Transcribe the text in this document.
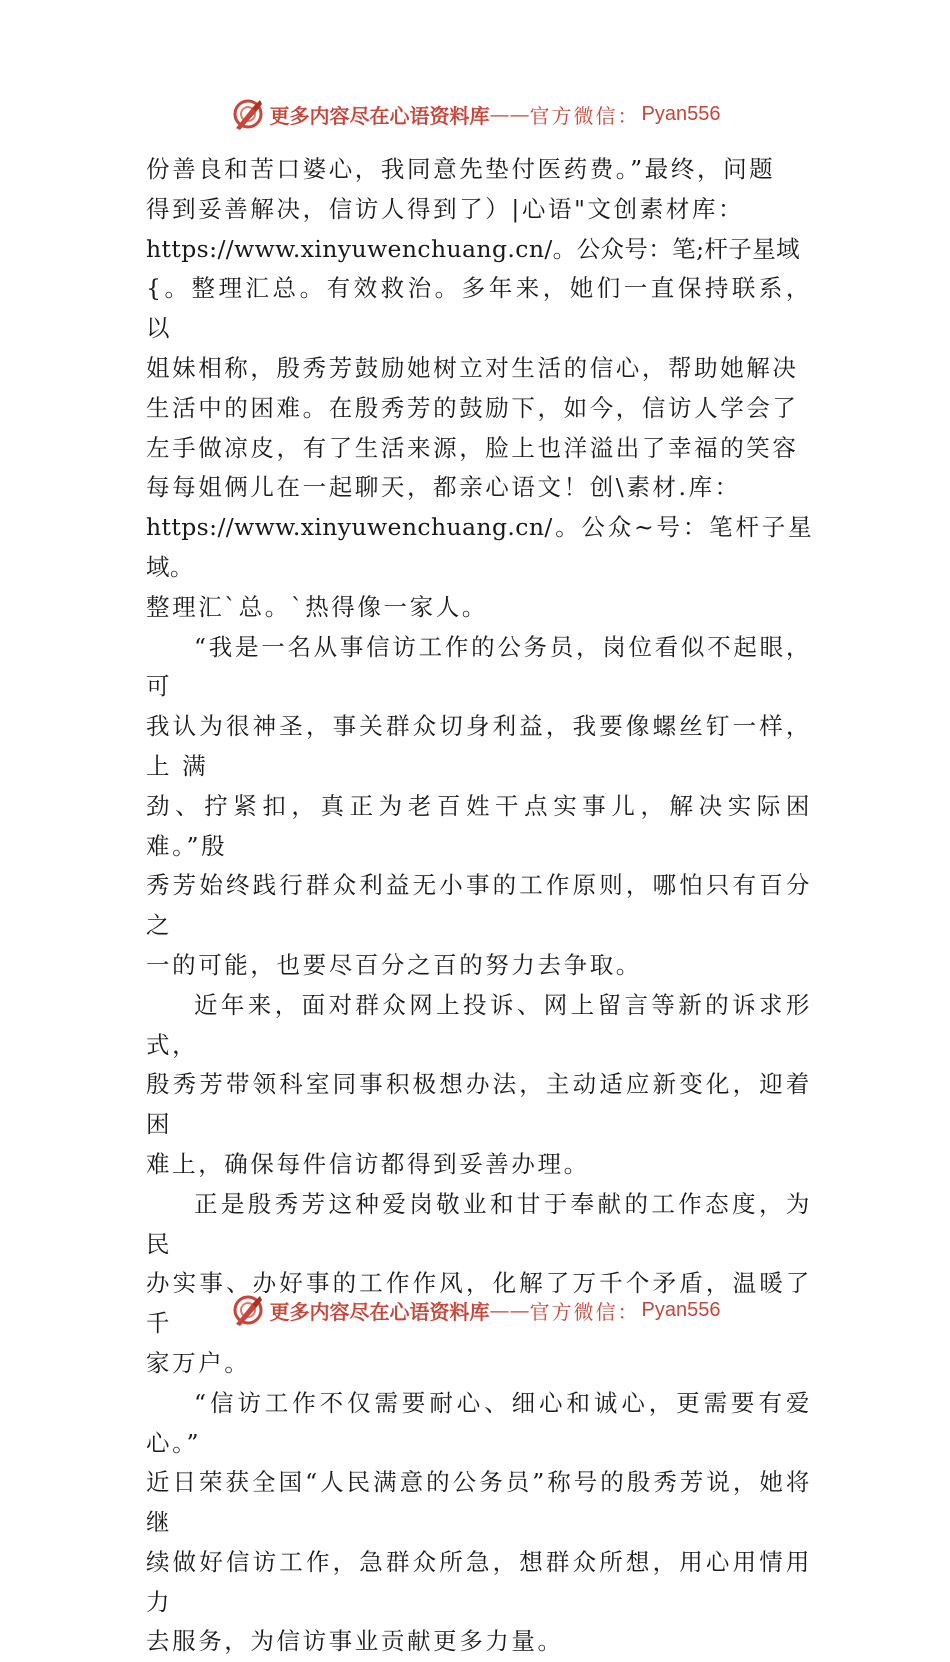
更多内容尽在心语资料库 —— 官方微信： Pyan556

份善良和苦口婆心，我同意先垫付医药费。”最终，问题
得到妥善解决，信访人得到了）|心语"文创素材库：
https://www.xinyuwenchuang.cn/。公众号：笔;杆子星域
{。整理汇总。有效救治。多年来，她们一直保持联系，以
姐妹相称，殷秀芳鼓励她树立对生活的信心，帮助她解决
生活中的困难。在殷秀芳的鼓励下，如今，信访人学会了
左手做凉皮，有了生活来源，脸上也洋溢出了幸福的笑容
每每姐俩儿在一起聊天，都亲心语文！创\素材.库：
https://www.xinyuwenchuang.cn/。公众~号：笔杆子星域。
整理汇`总。`热得像一家人。

“我是一名从事信访工作的公务员，岗位看似不起眼，可
我认为很神圣，事关群众切身利益，我要像螺丝钉一样，上 满
劲、拧紧扣，真正为老百姓干点实事儿，解决实际困难。”殷
秀芳始终践行群众利益无小事的工作原则，哪怕只有百分之
一的可能，也要尽百分之百的努力去争取。

近年来，面对群众网上投诉、网上留言等新的诉求形式，
殷秀芳带领科室同事积极想办法，主动适应新变化，迎着困
难上，确保每件信访都得到妥善办理。

正是殷秀芳这种爱岗敬业和甘于奉献的工作态度，为民
办实事、办好事的工作作风，化解了万千个矛盾，温暖了千
家万户。

“信访工作不仅需要耐心、细心和诚心，更需要有爱心。”
近日荣获全国“人民满意的公务员”称号的殷秀芳说，她将继
续做好信访工作，急群众所急，想群众所想，用心用情用力
去服务，为信访事业贡献更多力量。

更多内容尽在心语资料库 —— 官方微信： Pyan556
